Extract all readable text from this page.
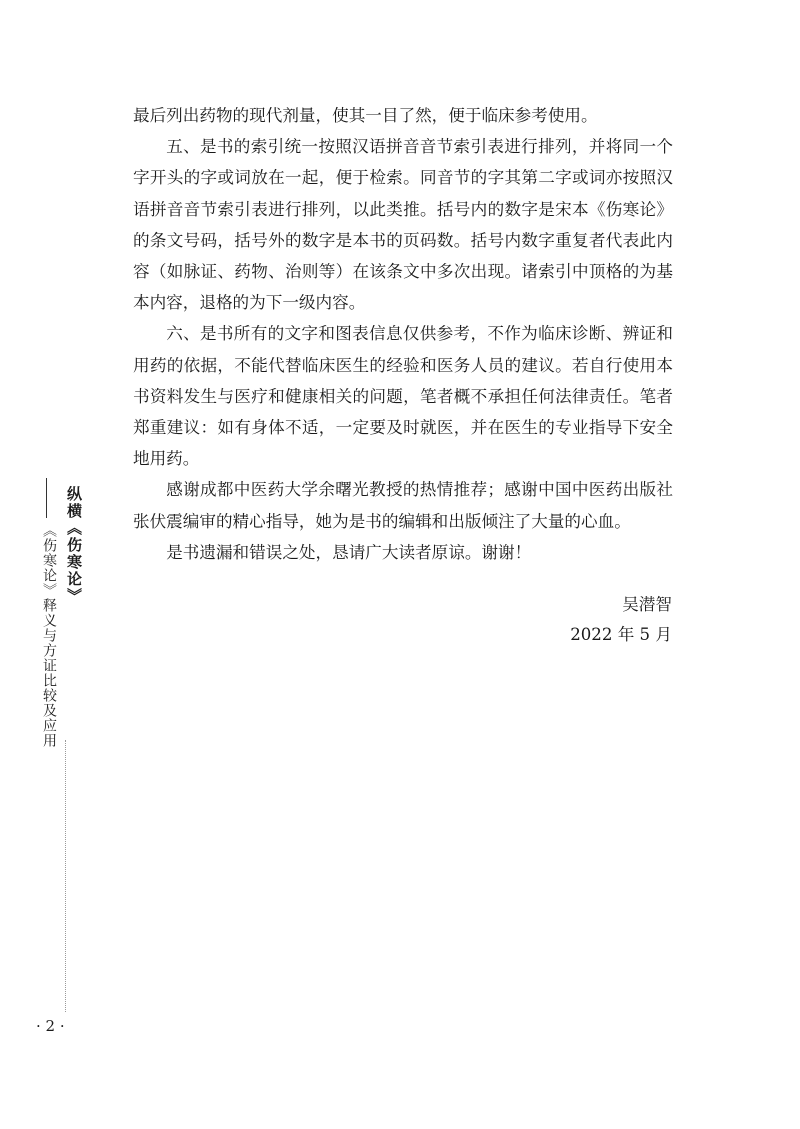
纵横《伤寒论》
《伤寒论》释义与方证比较及应用

最后列出药物的现代剂量，使其一目了然，便于临床参考使用。

五、是书的索引统一按照汉语拼音音节索引表进行排列，并将同一个字开头的字或词放在一起，便于检索。同音节的字其第二字或词亦按照汉语拼音音节索引表进行排列，以此类推。括号内的数字是宋本《伤寒论》的条文号码，括号外的数字是本书的页码数。括号内数字重复者代表此内容（如脉证、药物、治则等）在该条文中多次出现。诸索引中顶格的为基本内容，退格的为下一级内容。

六、是书所有的文字和图表信息仅供参考，不作为临床诊断、辨证和用药的依据，不能代替临床医生的经验和医务人员的建议。若自行使用本书资料发生与医疗和健康相关的问题，笔者概不承担任何法律责任。笔者郑重建议：如有身体不适，一定要及时就医，并在医生的专业指导下安全地用药。

感谢成都中医药大学余曙光教授的热情推荐；感谢中国中医药出版社张伏震编审的精心指导，她为是书的编辑和出版倾注了大量的心血。

是书遗漏和错误之处，恳请广大读者原谅。谢谢！

吴潜智
2022 年 5 月
· 2 ·
